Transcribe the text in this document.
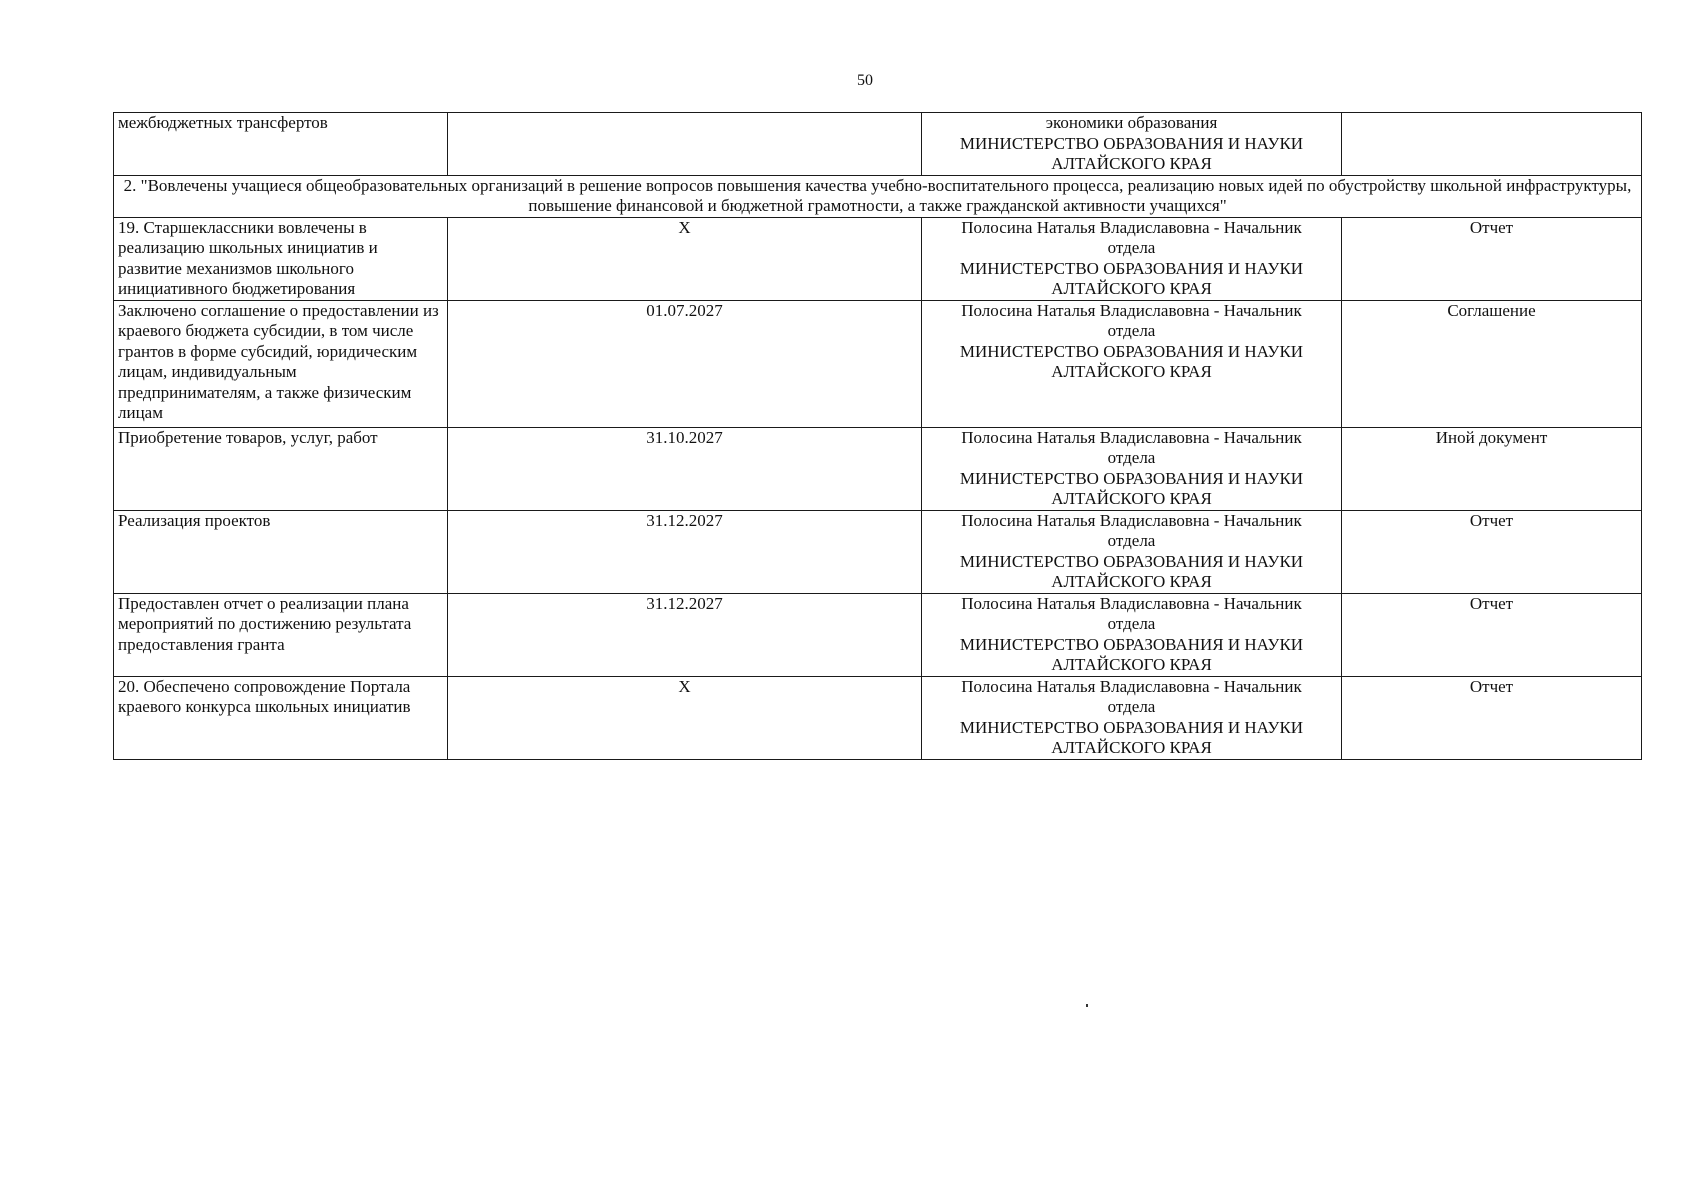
50
межбюджетных трансфертов		экономики образования
МИНИСТЕРСТВО ОБРАЗОВАНИЯ И НАУКИ
АЛТАЙСКОГО КРАЯ	

2. "Вовлечены учащиеся общеобразовательных организаций в решение вопросов повышения качества учебно-воспитательного процесса, реализацию новых идей по обустройству школьной инфраструктуры, повышение финансовой и бюджетной грамотности, а также гражданской активности учащихся"			
19. Старшеклассники вовлечены в реализацию школьных инициатив и развитие механизмов школьного инициативного бюджетирования	X	Полосина Наталья Владиславовна - Начальник
отдела
МИНИСТЕРСТВО ОБРАЗОВАНИЯ И НАУКИ
АЛТАЙСКОГО КРАЯ	Отчет
Заключено соглашение о предоставлении из краевого бюджета субсидии, в том числе грантов в форме субсидий, юридическим лицам, индивидуальным предпринимателям, а также физическим лицам	01.07.2027	Полосина Наталья Владиславовна - Начальник
отдела
МИНИСТЕРСТВО ОБРАЗОВАНИЯ И НАУКИ
АЛТАЙСКОГО КРАЯ	Соглашение
Приобретение товаров, услуг, работ	31.10.2027	Полосина Наталья Владиславовна - Начальник
отдела
МИНИСТЕРСТВО ОБРАЗОВАНИЯ И НАУКИ
АЛТАЙСКОГО КРАЯ	Иной документ
Реализация проектов	31.12.2027	Полосина Наталья Владиславовна - Начальник
отдела
МИНИСТЕРСТВО ОБРАЗОВАНИЯ И НАУКИ
АЛТАЙСКОГО КРАЯ	Отчет
Предоставлен отчет о реализации плана мероприятий по достижению результата предоставления гранта	31.12.2027	Полосина Наталья Владиславовна - Начальник
отдела
МИНИСТЕРСТВО ОБРАЗОВАНИЯ И НАУКИ
АЛТАЙСКОГО КРАЯ	Отчет
20. Обеспечено сопровождение Портала краевого конкурса школьных инициатив	X	Полосина Наталья Владиславовна - Начальник
отдела
МИНИСТЕРСТВО ОБРАЗОВАНИЯ И НАУКИ
АЛТАЙСКОГО КРАЯ	Отчет
